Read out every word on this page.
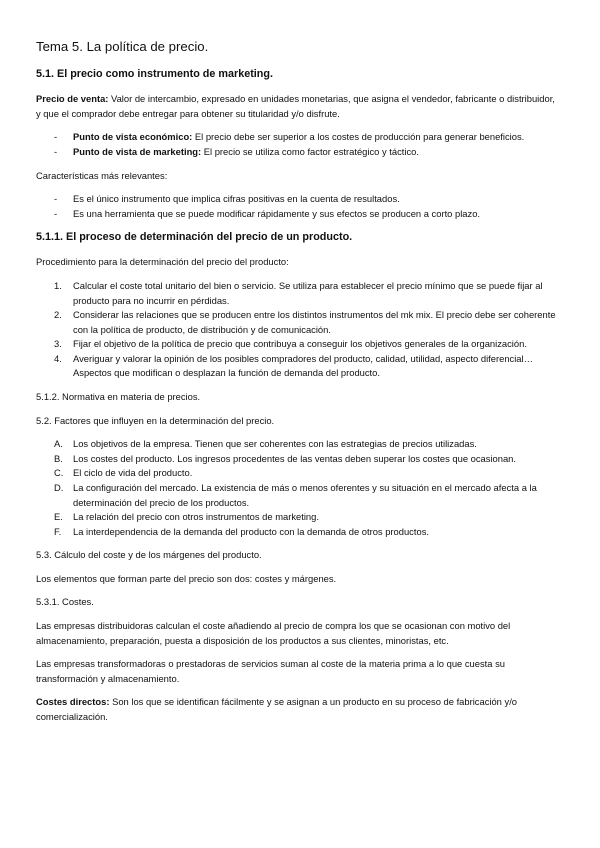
Tema 5. La política de precio.
5.1. El precio como instrumento de marketing.

Precio de venta: Valor de intercambio, expresado en unidades monetarias, que asigna el vendedor, fabricante o distribuidor, y que el comprador debe entregar para obtener su titularidad y/o disfrute.

- Punto de vista económico: El precio debe ser superior a los costes de producción para generar beneficios.
- Punto de vista de marketing: El precio se utiliza como factor estratégico y táctico.

Características más relevantes:

- Es el único instrumento que implica cifras positivas en la cuenta de resultados.
- Es una herramienta que se puede modificar rápidamente y sus efectos se producen a corto plazo.
5.1.1. El proceso de determinación del precio de un producto.

Procedimiento para la determinación del precio del producto:

1. Calcular el coste total unitario del bien o servicio. Se utiliza para establecer el precio mínimo que se puede fijar al producto para no incurrir en pérdidas.
2. Considerar las relaciones que se producen entre los distintos instrumentos del mk mix. El precio debe ser coherente con la política de producto, de distribución y de comunicación.
3. Fijar el objetivo de la política de precio que contribuya a conseguir los objetivos generales de la organización.
4. Averiguar y valorar la opinión de los posibles compradores del producto, calidad, utilidad, aspecto diferencial…Aspectos que modifican o desplazan la función de demanda del producto.

5.1.2. Normativa en materia de precios.

5.2. Factores que influyen en la determinación del precio.

A. Los objetivos de la empresa. Tienen que ser coherentes con las estrategias de precios utilizadas.
B. Los costes del producto. Los ingresos procedentes de las ventas deben superar los costes que ocasionan.
C. El ciclo de vida del producto.
D. La configuración del mercado. La existencia de más o menos oferentes y su situación en el mercado afecta a la determinación del precio de los productos.
E. La relación del precio con otros instrumentos de marketing.
F. La interdependencia de la demanda del producto con la demanda de otros productos.

5.3. Cálculo del coste y de los márgenes del producto.

Los elementos que forman parte del precio son dos: costes y márgenes.

5.3.1. Costes.

Las empresas distribuidoras calculan el coste añadiendo al precio de compra los que se ocasionan con motivo del almacenamiento, preparación, puesta a disposición de los productos a sus clientes, minoristas, etc.

Las empresas transformadoras o prestadoras de servicios suman al coste de la materia prima a lo que cuesta su transformación y almacenamiento.

Costes directos: Son los que se identifican fácilmente y se asignan a un producto en su proceso de fabricación y/o comercialización.
